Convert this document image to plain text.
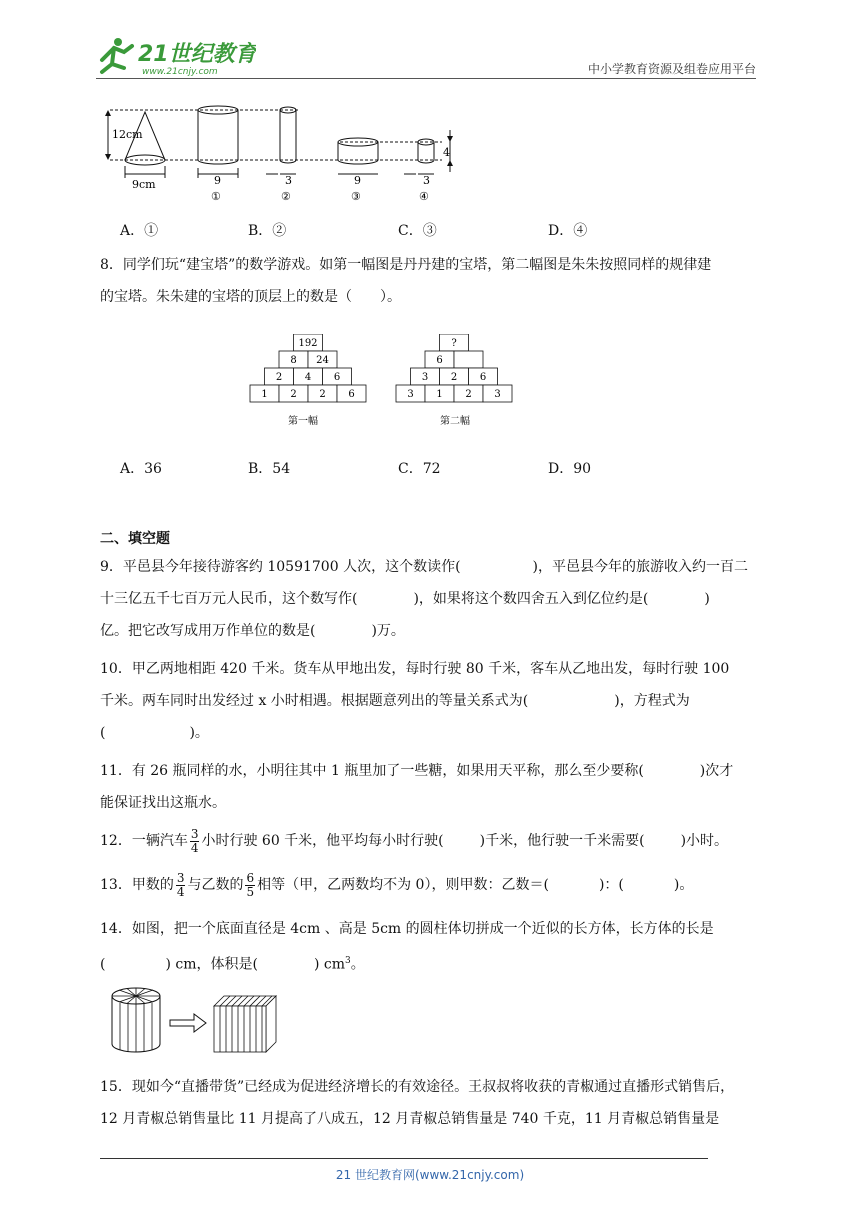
21世纪教育
www.21cnjy.com	中小学教育资源及组卷应用平台
12cm
9cm	9
①
3
②
9
③
3
④
4
A．①	B．②	C．③	D．④
8．同学们玩“建宝塔”的数学游戏。如第一幅图是丹丹建的宝塔，第二幅图是朱朱按照同样的规律建
的宝塔。朱朱建的宝塔的顶层上的数是（　　）。
192
8 24
2 4 6
1 2 2 6
?
6
3 2 6
3 1 2 3
第一幅	第二幅
A．36	B．54	C．72	D．90
二、填空题
9．平邑县今年接待游客约 10591700 人次，这个数读作(	)，平邑县今年的旅游收入约一百二
十三亿五千七百万元人民币，这个数写作(	)，如果将这个数四舍五入到亿位约是(	)
亿。把它改写成用万作单位的数是(	)万。
10．甲乙两地相距 420 千米。货车从甲地出发，每时行驶 80 千米，客车从乙地出发，每时行驶 100
千米。两车同时出发经过 x 小时相遇。根据题意列出的等量关系式为(	)，方程式为
(	)。
11．有 26 瓶同样的水，小明往其中 1 瓶里加了一些糖，如果用天平称，那么至少要称(	)次才
能保证找出这瓶水。
12．一辆汽车 $\frac{3}{4}$ 小时行驶 60 千米，他平均每小时行驶(	)千米，他行驶一千米需要(	)小时。
13．甲数的 $\frac{3}{4}$ 与乙数的 $\frac{6}{5}$ 相等（甲，乙两数均不为 0），则甲数：乙数＝(	)：(	)。
14．如图，把一个底面直径是 4cm 、高是 5cm 的圆柱体切拼成一个近似的长方体，长方体的长是
(	) cm，体积是(	) $cm^3$。
15．现如今“直播带货”已经成为促进经济增长的有效途径。王叔叔将收获的青椒通过直播形式销售后，
12 月青椒总销售量比 11 月提高了八成五，12 月青椒总销售量是 740 千克，11 月青椒总销售量是
21 世纪教育网(www.21cnjy.com)
